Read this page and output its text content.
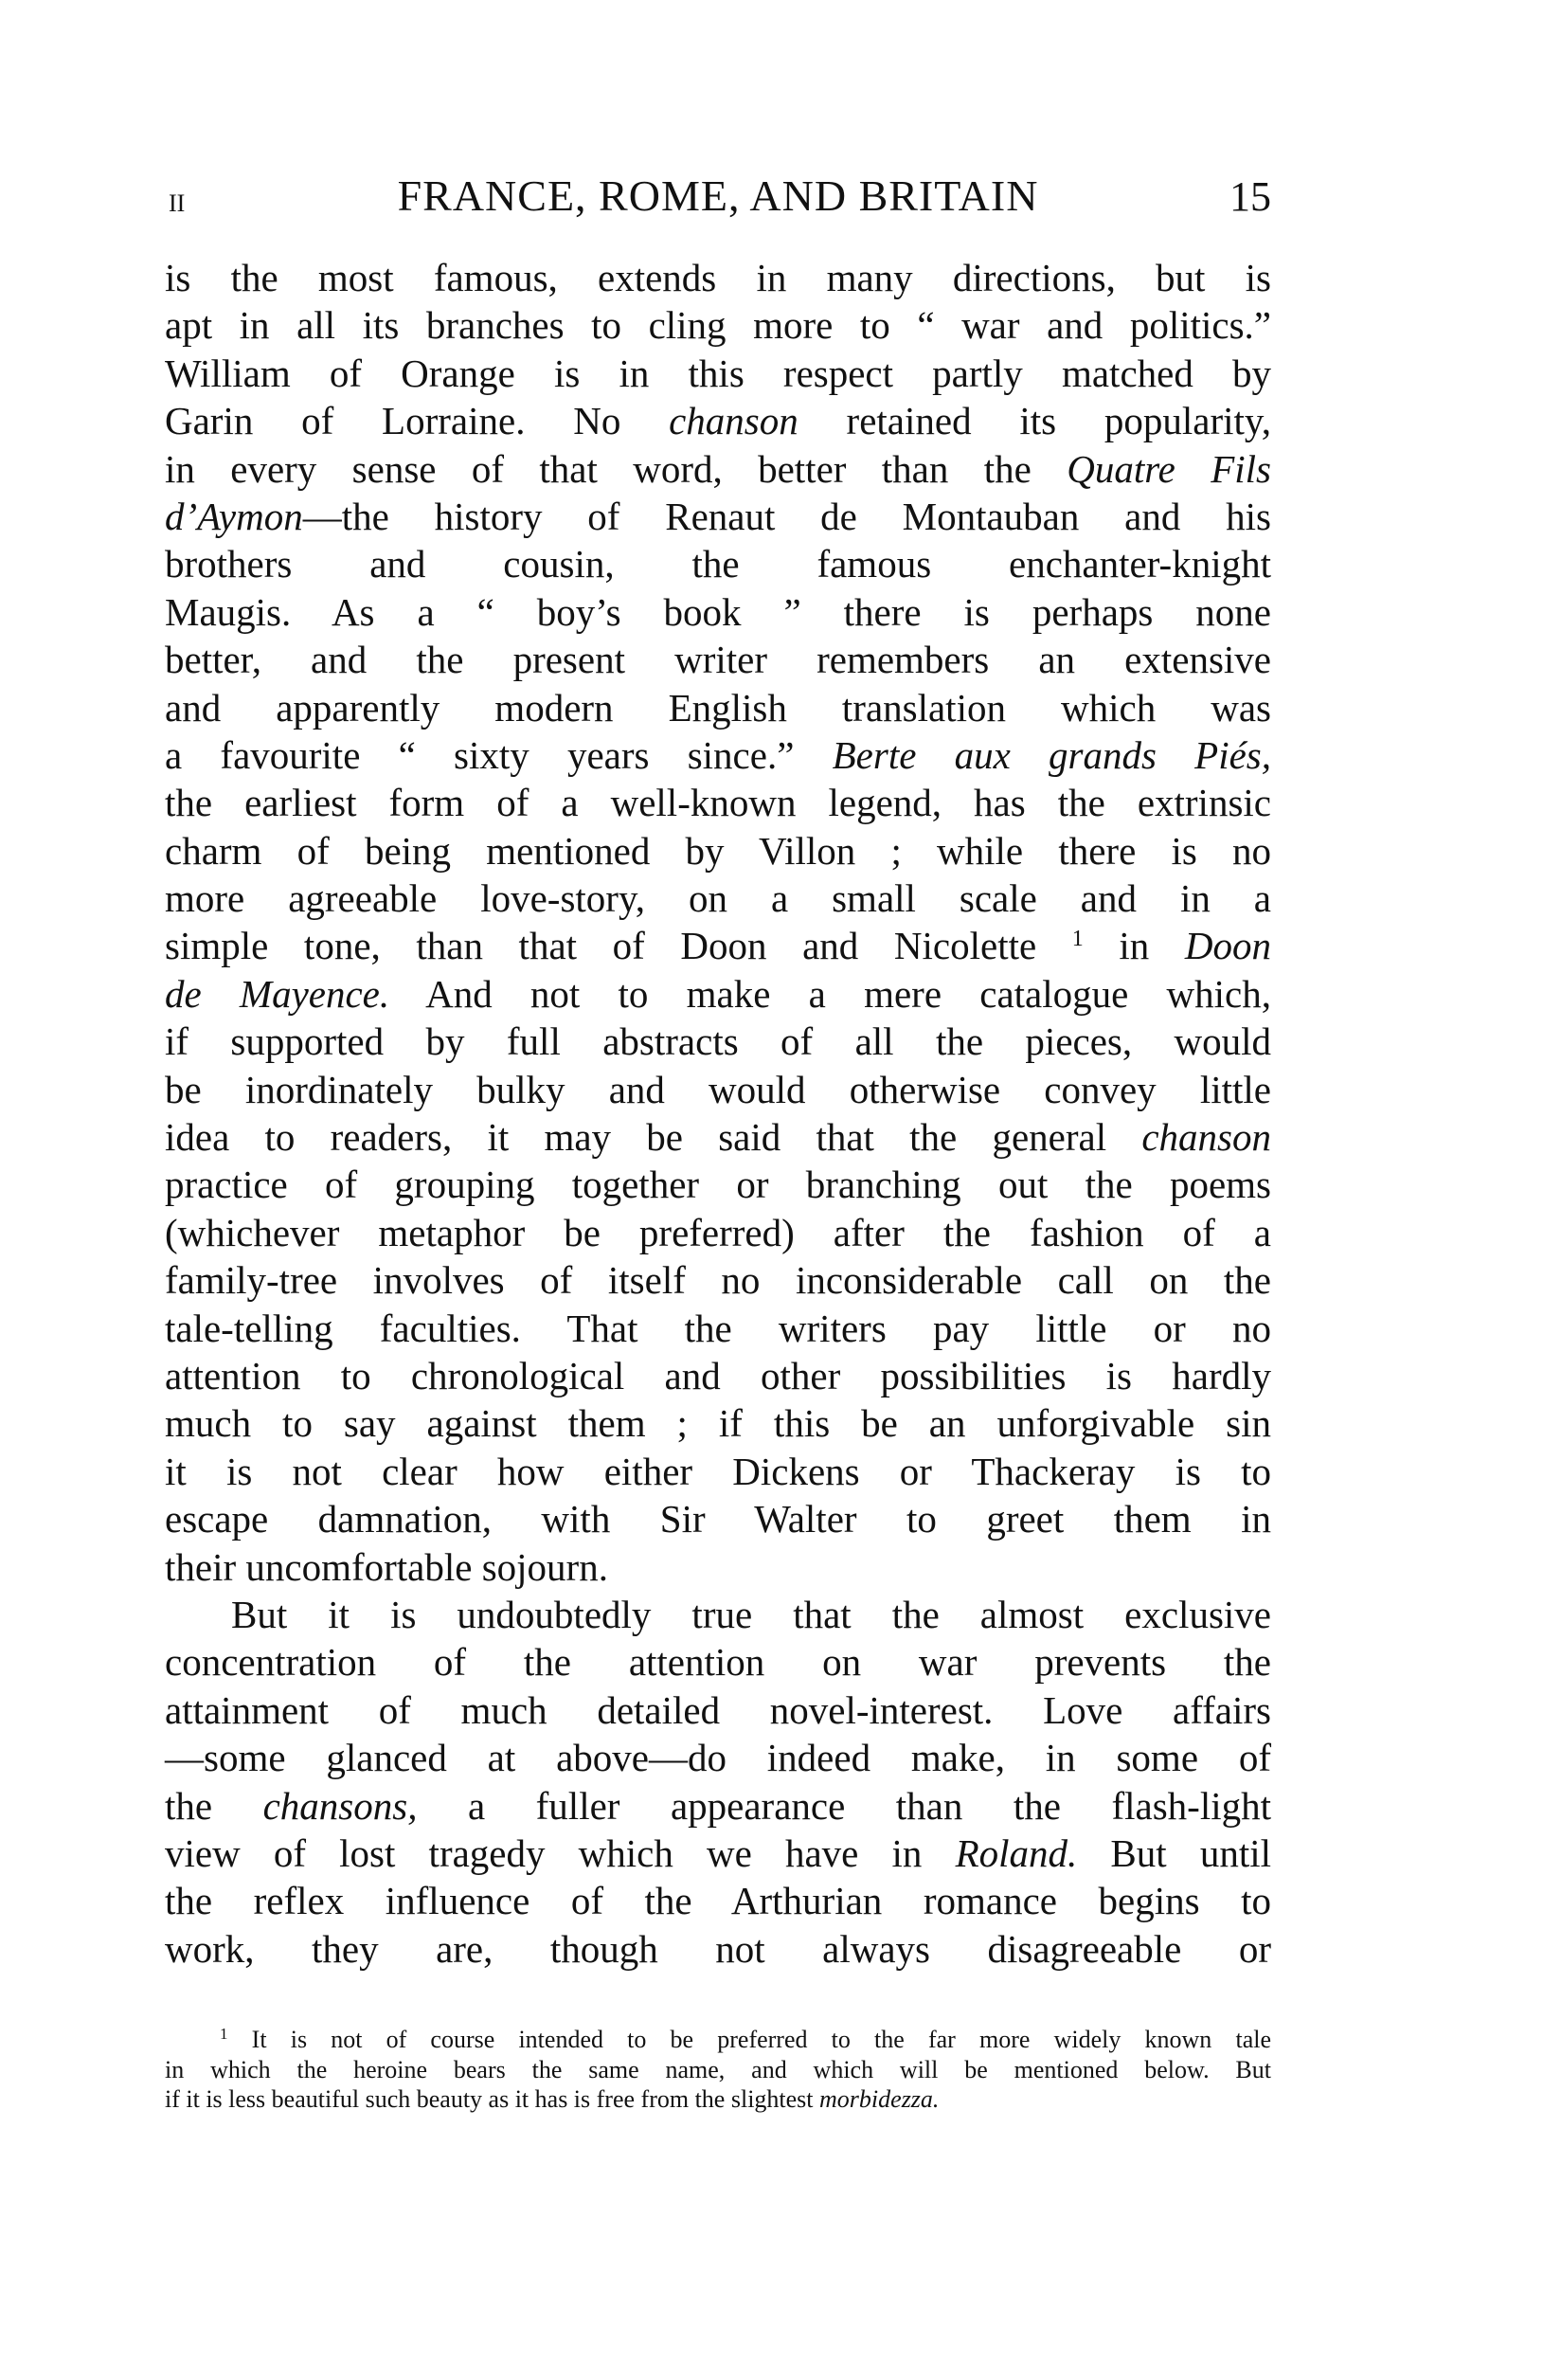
II	FRANCE, ROME, AND BRITAIN	15
is the most famous, extends in many directions, but is
apt in all its branches to cling more to “ war and politics.”
William of Orange is in this respect partly matched by
Garin of Lorraine. No chanson retained its popularity,
in every sense of that word, better than the Quatre Fils
d’Aymon—the history of Renaut de Montauban and his
brothers and cousin, the famous enchanter-knight
Maugis. As a “ boy’s book ” there is perhaps none
better, and the present writer remembers an extensive
and apparently modern English translation which was
a favourite “ sixty years since.” Berte aux grands Piés,
the earliest form of a well-known legend, has the extrinsic
charm of being mentioned by Villon ; while there is no
more agreeable love-story, on a small scale and in a
simple tone, than that of Doon and Nicolette $^1$ in Doon
de Mayence. And not to make a mere catalogue which,
if supported by full abstracts of all the pieces, would
be inordinately bulky and would otherwise convey little
idea to readers, it may be said that the general chanson
practice of grouping together or branching out the poems
(whichever metaphor be preferred) after the fashion of a
family-tree involves of itself no inconsiderable call on the
tale-telling faculties. That the writers pay little or no
attention to chronological and other possibilities is hardly
much to say against them ; if this be an unforgivable sin
it is not clear how either Dickens or Thackeray is to
escape damnation, with Sir Walter to greet them in
their uncomfortable sojourn.
But it is undoubtedly true that the almost exclusive
concentration of the attention on war prevents the
attainment of much detailed novel-interest. Love affairs
—some glanced at above—do indeed make, in some of
the chansons, a fuller appearance than the flash-light
view of lost tragedy which we have in Roland. But until
the reflex influence of the Arthurian romance begins to
work, they are, though not always disagreeable or
$^1$ It is not of course intended to be preferred to the far more widely known tale
in which the heroine bears the same name, and which will be mentioned below. But
if it is less beautiful such beauty as it has is free from the slightest morbidezza.
